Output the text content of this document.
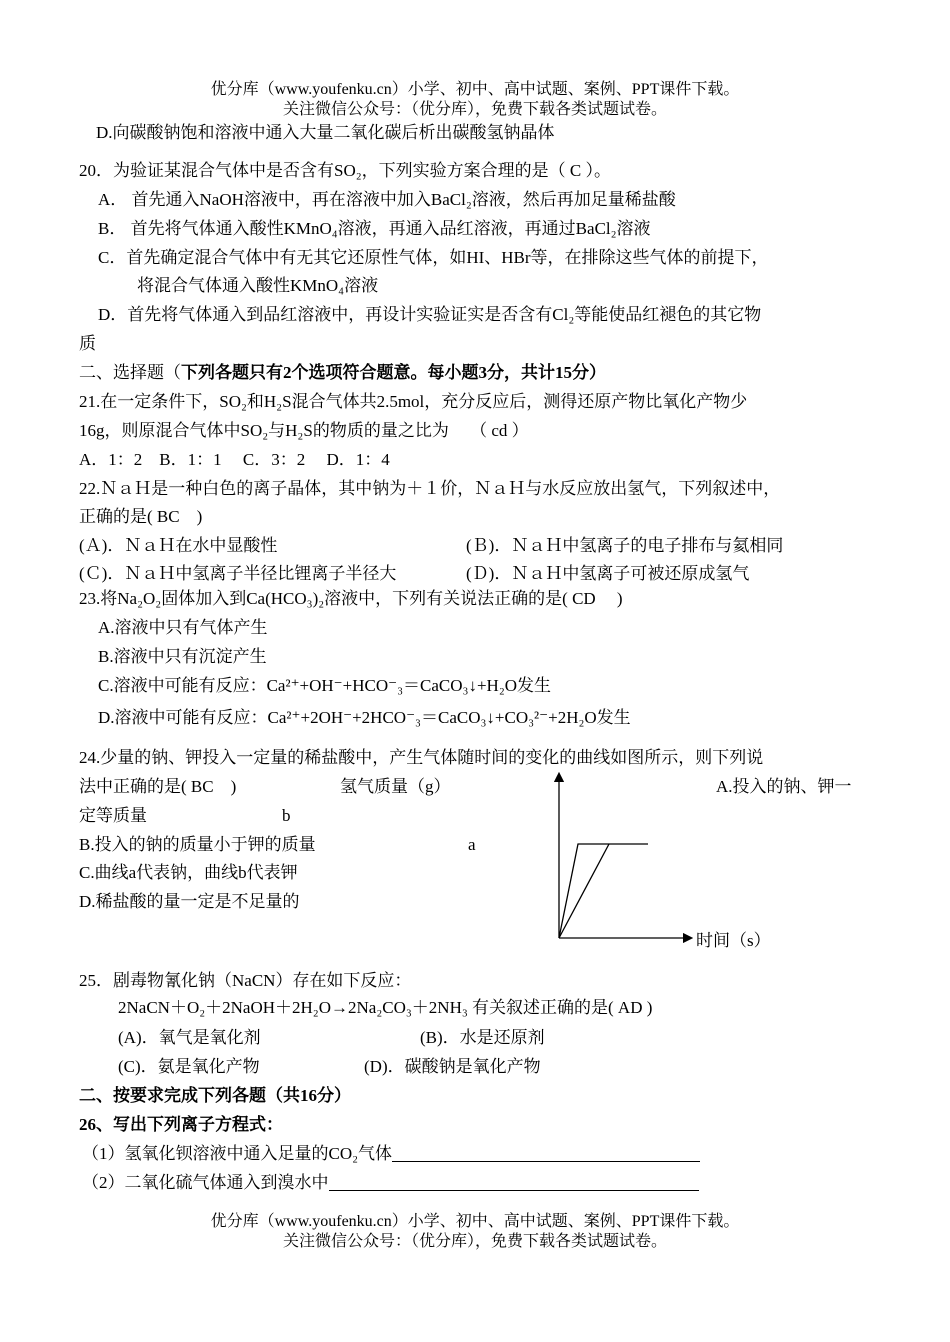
优分库（www.youfenku.cn）小学、初中、高中试题、案例、PPT课件下载。
关注微信公众号：（优分库），免费下载各类试题试卷。
D.向碳酸钠饱和溶液中通入大量二氧化碳后析出碳酸氢钠晶体
20．为验证某混合气体中是否含有SO₂，下列实验方案合理的是（ C ）。
A． 首先通入NaOH溶液中，再在溶液中加入BaCl₂溶液，然后再加足量稀盐酸
B． 首先将气体通入酸性KMnO₄溶液，再通入品红溶液，再通过BaCl₂溶液
C．首先确定混合气体中有无其它还原性气体，如HI、HBr等，在排除这些气体的前提下，
将混合气体通入酸性KMnO₄溶液
D．首先将气体通入到品红溶液中，再设计实验证实是否含有Cl₂等能使品红褪色的其它物
质
二、选择题（下列各题只有2个选项符合题意。每小题3分，共计15分）
21.在一定条件下，SO₂和H₂S混合气体共2.5mol，充分反应后，测得还原产物比氧化产物少
16g，则原混合气体中SO₂与H₂S的物质的量之比为　 （ cd ）
A．1：2　B．1：1　 C．3：2　 D．1：4
22.ＮａＨ是一种白色的离子晶体，其中钠为＋１价，ＮａＨ与水反应放出氢气，下列叙述中，
正确的是( BC　)
(Ａ)．ＮａＨ在水中显酸性	(Ｂ)．ＮａＨ中氢离子的电子排布与氦相同
(Ｃ)．ＮａＨ中氢离子半径比锂离子半径大	(Ｄ)．ＮａＨ中氢离子可被还原成氢气
23.将Na₂O₂固体加入到Ca(HCO₃)₂溶液中，下列有关说法正确的是( CD　 )
A.溶液中只有气体产生
B.溶液中只有沉淀产生
C.溶液中可能有反应：Ca²⁺+OH⁻+HCO⁻₃＝CaCO₃↓+H₂O发生
D.溶液中可能有反应：Ca²⁺+2OH⁻+2HCO⁻₃＝CaCO₃↓+CO₃²⁻+2H₂O发生
24.少量的钠、钾投入一定量的稀盐酸中，产生气体随时间的变化的曲线如图所示，则下列说
法中正确的是( BC　)	氢气质量（g）	A.投入的钠、钾一
定等质量	b
B.投入的钠的质量小于钾的质量	a
C.曲线a代表钠，曲线b代表钾
D.稀盐酸的量一定是不足量的
时间（s）
25．剧毒物氰化钠（NaCN）存在如下反应：
2NaCN＋O₂＋2NaOH＋2H₂O→2Na₂CO₃＋2NH₃ 有关叙述正确的是( AD )
(A)．氧气是氧化剂	(B)．水是还原剂
(C)．氨是氧化产物	(D)．碳酸钠是氧化产物
二、按要求完成下列各题（共16分）
26、写出下列离子方程式：
（1）氢氧化钡溶液中通入足量的CO₂气体
（2）二氧化硫气体通入到溴水中
优分库（www.youfenku.cn）小学、初中、高中试题、案例、PPT课件下载。
关注微信公众号：（优分库），免费下载各类试题试卷。
